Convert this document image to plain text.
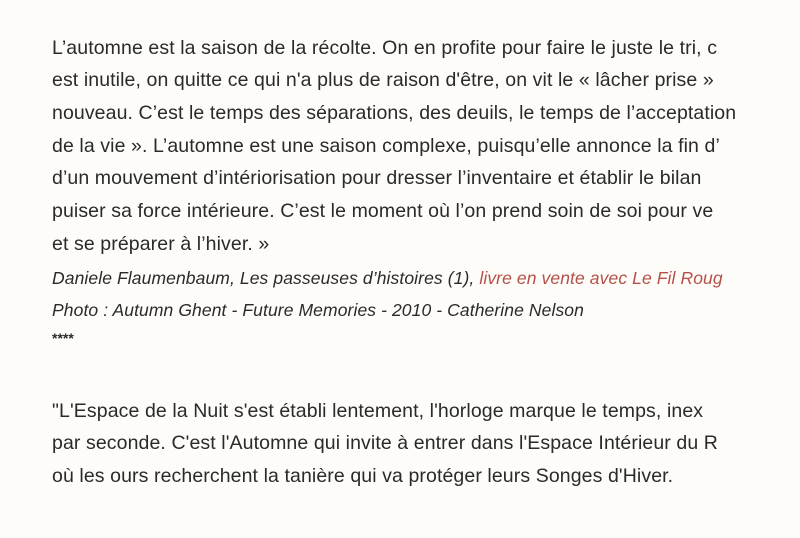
L’automne est la saison de la récolte. On en profite pour faire le juste le tri, c
est inutile, on quitte ce qui n'a plus de raison d'être, on vit le « lâcher prise »
nouveau. C’est le temps des séparations, des deuils, le temps de l’acceptation
de la vie ». L’automne est une saison complexe, puisqu’elle annonce la fin d’
d’un mouvement d’intériorisation pour dresser l’inventaire et établir le bilan
puiser sa force intérieure. C’est le moment où l’on prend soin de soi pour ve
et se préparer à l’hiver. »
Daniele Flaumenbaum, Les passeuses d’histoires (1), livre en vente avec Le Fil Roug
Photo : Autumn Ghent - Future Memories - 2010 - Catherine Nelson
****
"L'Espace de la Nuit s'est établi lentement, l'horloge marque le temps, inex
par seconde. C'est l'Automne qui invite à entrer dans l'Espace Intérieur du R
où les ours recherchent la tanière qui va protéger leurs Songes d'Hiver.
